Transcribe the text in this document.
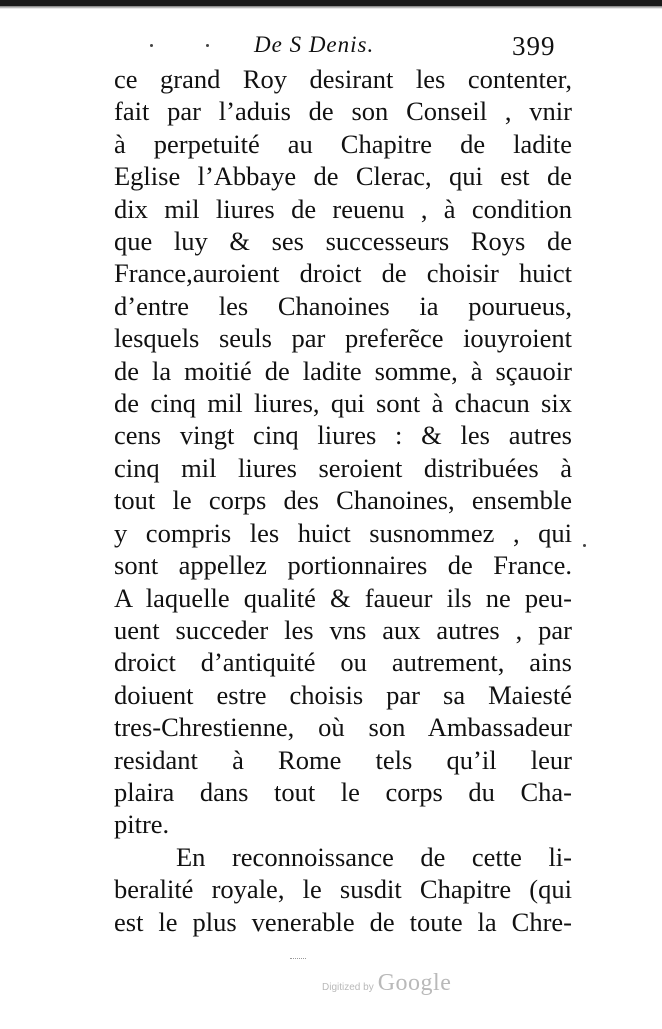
De S Denis.	399
ce grand Roy desirant les contenter,
fait par l’aduis de son Conseil , vnir
à perpetuité au Chapitre de ladite
Eglise l’Abbaye de Clerac, qui est de
dix mil liures de reuenu , à condition
que luy & ses successeurs Roys de
France,auroient droict de choisir huict
d’entre les Chanoines ia pourueus,
lesquels seuls par preferẽce iouyroient
de la moitié de ladite somme, à sçauoir
de cinq mil liures, qui sont à chacun six
cens vingt cinq liures : & les autres
cinq mil liures seroient distribuées à
tout le corps des Chanoines, ensemble
y compris les huict susnommez , qui
sont appellez portionnaires de France.
A laquelle qualité & faueur ils ne peu-
uent succeder les vns aux autres , par
droict d’antiquité ou autrement, ains
doiuent estre choisis par sa Maiesté
tres-Chrestienne, où son Ambassadeur
residant à Rome tels qu’il leur
plaira dans tout le corps du Cha-
pitre.
En reconnoissance de cette li-
beralité royale, le susdit Chapitre (qui
est le plus venerable de toute la Chre-
Digitized by Google
